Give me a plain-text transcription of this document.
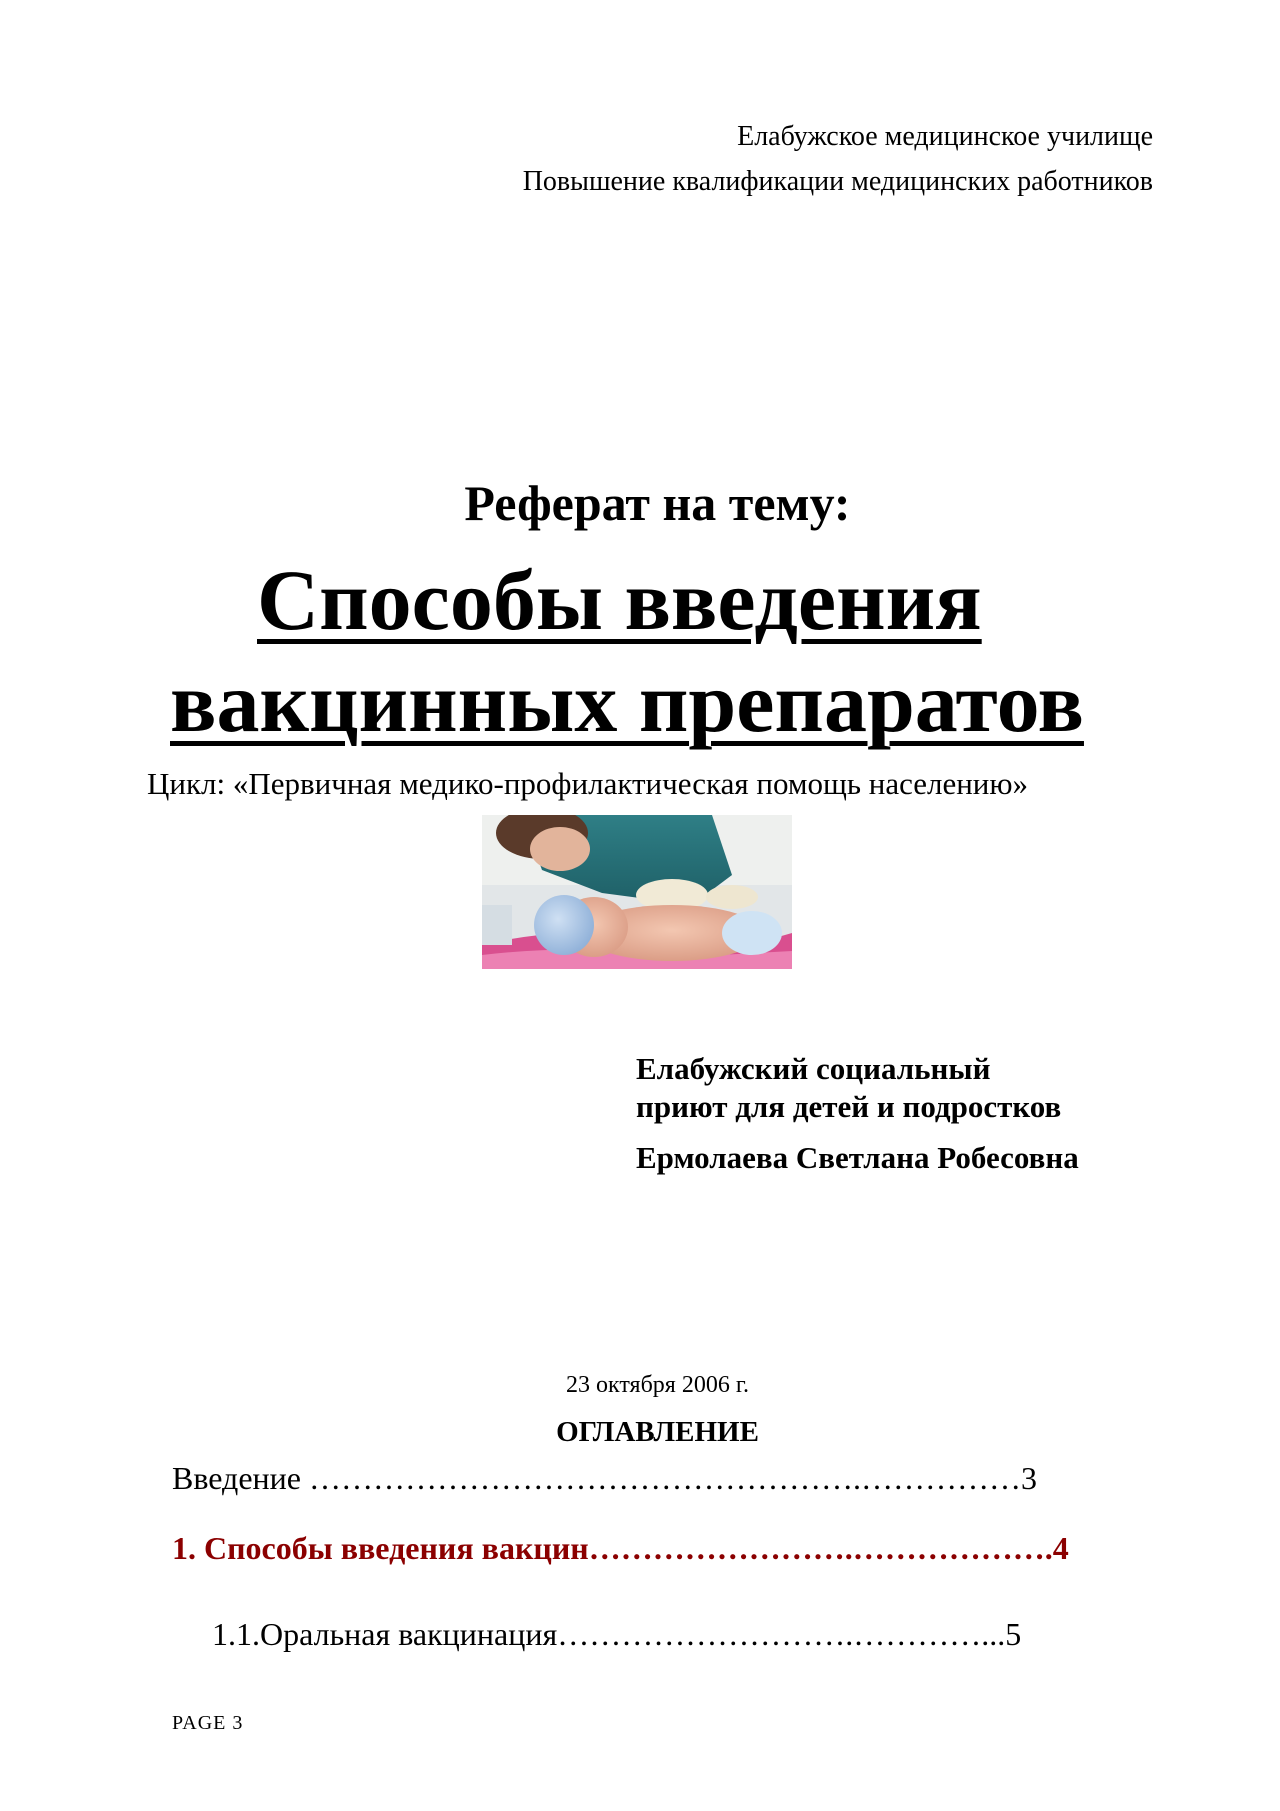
Елабужское медицинское училище
Повышение квалификации медицинских работников
Реферат на тему:
Способы введения
вакцинных препаратов
Цикл: «Первичная медико-профилактическая помощь населению»
Елабужский социальный
приют для детей и подростков
Ермолаева Светлана Робесовна
23 октября 2006 г.
ОГЛАВЛЕНИЕ
Введение …………………………………………….……………3
1. Способы введения вакцин…………………….……………….4
1.1.Оральная вакцинация……………………….…………...5
PAGE 3
